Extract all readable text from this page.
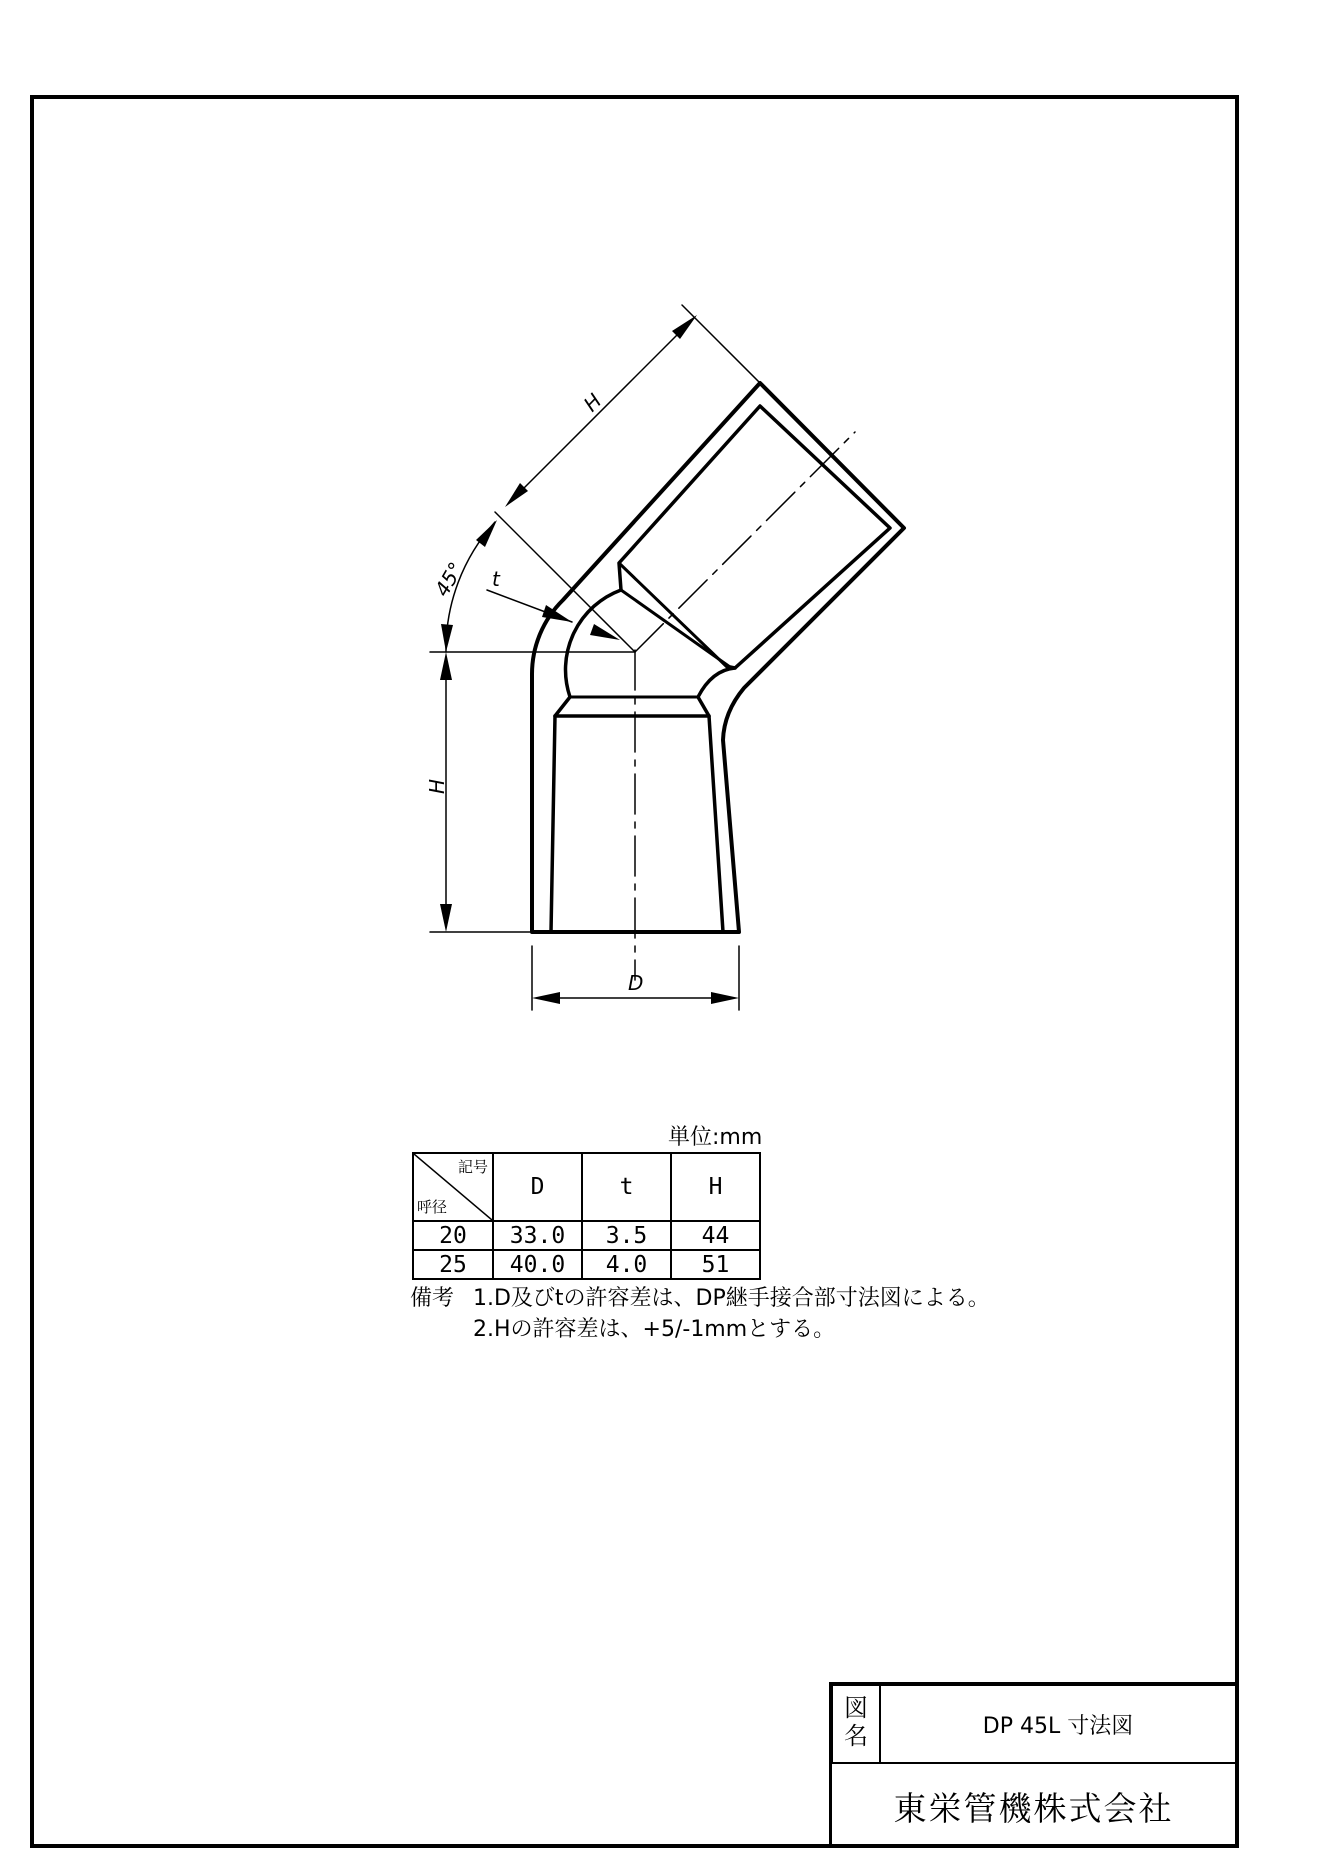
H
H
45° t
D
単位:mm
記号
呼径	D	t	H
20	33.0	3.5	44
25	40.0	4.0	51
備考 1.D及びtの許容差は、DP継手接合部寸法図による。
2.Hの許容差は、+5/-1mmとする。
図名	DP 45L 寸法図
東栄管機株式会社
